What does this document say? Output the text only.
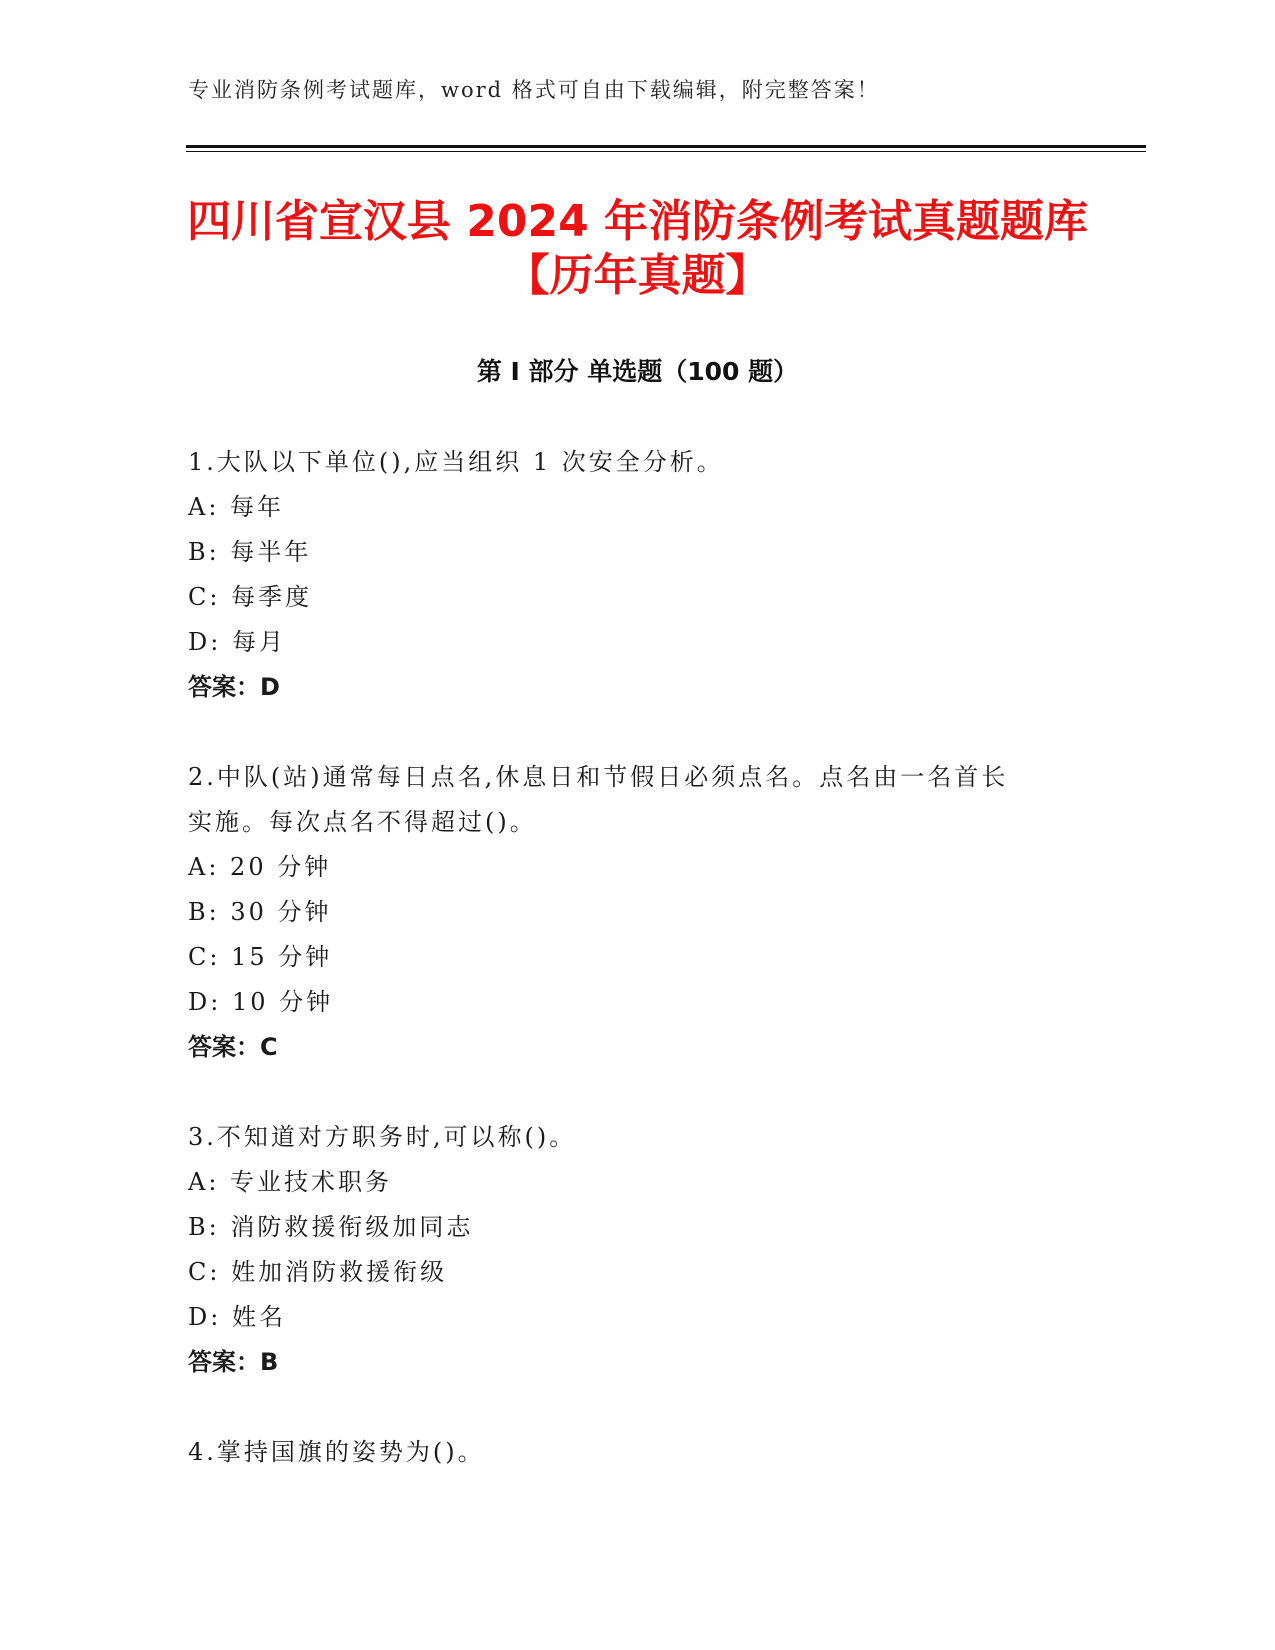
专业消防条例考试题库，word 格式可自由下载编辑，附完整答案！
四川省宣汉县 2024 年消防条例考试真题题库
【历年真题】
第 I 部分 单选题（100 题）
1.大队以下单位(),应当组织 1 次安全分析。
A: 每年
B: 每半年
C: 每季度
D: 每月
答案：D
2.中队(站)通常每日点名,休息日和节假日必须点名。点名由一名首长
实施。每次点名不得超过()。
A: 20 分钟
B: 30 分钟
C: 15 分钟
D: 10 分钟
答案：C
3.不知道对方职务时,可以称()。
A: 专业技术职务
B: 消防救援衔级加同志
C: 姓加消防救援衔级
D: 姓名
答案：B
4.掌持国旗的姿势为()。
